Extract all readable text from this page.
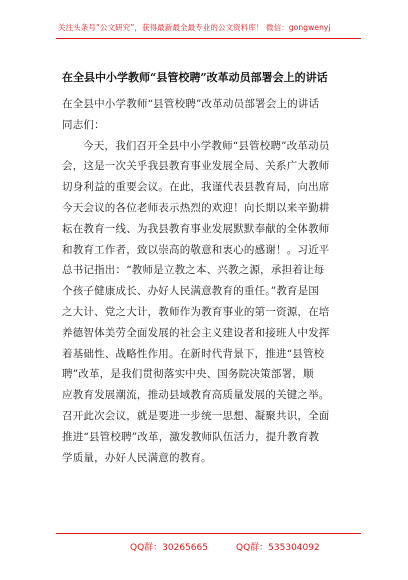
关注头条号“公文研究”，获得最新最全最专业的公文资料库！ 微信：gongwenyj
在全县中小学教师“县管校聘”改革动员部署会上的讲话
在全县中小学教师“县管校聘”改革动员部署会上的讲话
同志们：
今天，我们召开全县中小学教师“县管校聘”改革动员
会，这是一次关乎我县教育事业发展全局、关系广大教师
切身利益的重要会议。在此，我谨代表县教育局，向出席
今天会议的各位老师表示热烈的欢迎！向长期以来辛勤耕
耘在教育一线、为我县教育事业发展默默奉献的全体教师
和教育工作者，致以崇高的敬意和衷心的感谢！。习近平
总书记指出：“教师是立教之本、兴教之源，承担着让每
个孩子健康成长、办好人民满意教育的重任。”教育是国
之大计、党之大计，教师作为教育事业的第一资源，在培
养德智体美劳全面发展的社会主义建设者和接班人中发挥
着基础性、战略性作用。在新时代背景下，推进“县管校
聘”改革，是我们贯彻落实中央、国务院决策部署，顺
应教育发展潮流，推动县域教育高质量发展的关键之举。
召开此次会议，就是要进一步统一思想、凝聚共识，全面
推进“县管校聘”改革，激发教师队伍活力，提升教育教
学质量，办好人民满意的教育。
QQ群：30265665	QQ群：535304092
